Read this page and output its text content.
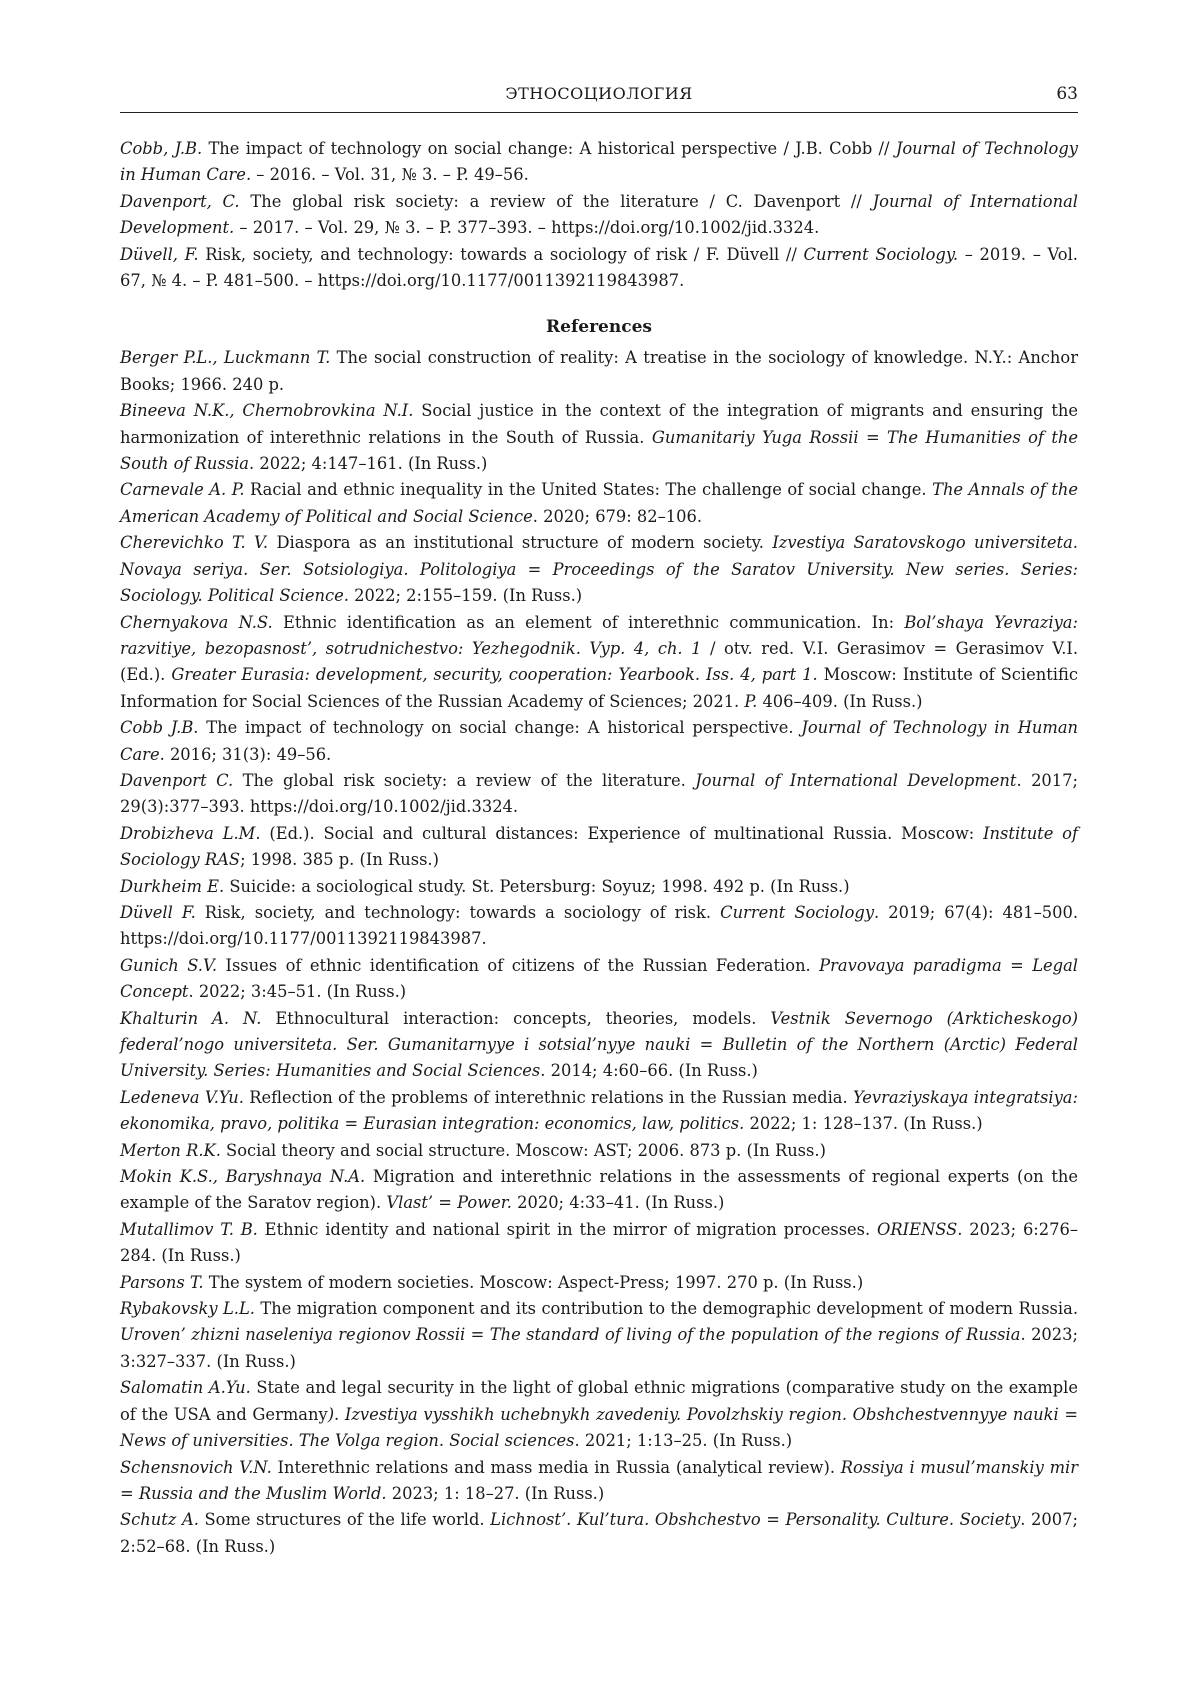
ЭТНОСОЦИОЛОГИЯ	63

Cobb, J.B. The impact of technology on social change: A historical perspective / J.B. Cobb // Journal of Technology in Human Care. – 2016. – Vol. 31, № 3. – P. 49–56.

Davenport, C. The global risk society: a review of the literature / C. Davenport // Journal of International Development. – 2017. – Vol. 29, № 3. – P. 377–393. – https://doi.org/10.1002/jid.3324.

Düvell, F. Risk, society, and technology: towards a sociology of risk / F. Düvell // Current Sociology. – 2019. – Vol. 67, № 4. – P. 481–500. – https://doi.org/10.1177/0011392119843987.

References

Berger P.L., Luckmann T. The social construction of reality: A treatise in the sociology of knowledge. N.Y.: Anchor Books; 1966. 240 p.

Bineeva N.K., Chernobrovkina N.I. Social justice in the context of the integration of migrants and ensuring the harmonization of interethnic relations in the South of Russia. Gumanitariy Yuga Rossii = The Humanities of the South of Russia. 2022; 4:147–161. (In Russ.)

Carnevale A. P. Racial and ethnic inequality in the United States: The challenge of social change. The Annals of the American Academy of Political and Social Science. 2020; 679: 82–106.

Cherevichko T. V. Diaspora as an institutional structure of modern society. Izvestiya Saratovskogo universiteta. Novaya seriya. Ser. Sotsiologiya. Politologiya = Proceedings of the Saratov University. New series. Series: Sociology. Political Science. 2022; 2:155–159. (In Russ.)

Chernyakova N.S. Ethnic identification as an element of interethnic communication. In: Bol’shaya Yevraziya: razvitiye, bezopasnost’, sotrudnichestvo: Yezhegodnik. Vyp. 4, ch. 1 / otv. red. V.I. Gerasimov = Gerasimov V.I. (Ed.). Greater Eurasia: development, security, cooperation: Yearbook. Iss. 4, part 1. Moscow: Institute of Scientific Information for Social Sciences of the Russian Academy of Sciences; 2021. P. 406–409. (In Russ.)

Cobb J.B. The impact of technology on social change: A historical perspective. Journal of Technology in Human Care. 2016; 31(3): 49–56.

Davenport C. The global risk society: a review of the literature. Journal of International Development. 2017; 29(3):377–393. https://doi.org/10.1002/jid.3324.

Drobizheva L.M. (Ed.). Social and cultural distances: Experience of multinational Russia. Moscow: Institute of Sociology RAS; 1998. 385 p. (In Russ.)

Durkheim E. Suicide: a sociological study. St. Petersburg: Soyuz; 1998. 492 p. (In Russ.)

Düvell F. Risk, society, and technology: towards a sociology of risk. Current Sociology. 2019; 67(4): 481–500. https://doi.org/10.1177/0011392119843987.

Gunich S.V. Issues of ethnic identification of citizens of the Russian Federation. Pravovaya paradigma = Legal Concept. 2022; 3:45–51. (In Russ.)

Khalturin A. N. Ethnocultural interaction: concepts, theories, models. Vestnik Severnogo (Arkticheskogo) federal’nogo universiteta. Ser. Gumanitarnyye i sotsial’nyye nauki = Bulletin of the Northern (Arctic) Federal University. Series: Humanities and Social Sciences. 2014; 4:60–66. (In Russ.)

Ledeneva V.Yu. Reflection of the problems of interethnic relations in the Russian media. Yevraziyskaya integratsiya: ekonomika, pravo, politika = Eurasian integration: economics, law, politics. 2022; 1: 128–137. (In Russ.)

Merton R.K. Social theory and social structure. Moscow: AST; 2006. 873 p. (In Russ.)

Mokin K.S., Baryshnaya N.A. Migration and interethnic relations in the assessments of regional experts (on the example of the Saratov region). Vlast’ = Power. 2020; 4:33–41. (In Russ.)

Mutallimov T. B. Ethnic identity and national spirit in the mirror of migration processes. ORIENSS. 2023; 6:276–284. (In Russ.)

Parsons T. The system of modern societies. Moscow: Aspect-Press; 1997. 270 p. (In Russ.)

Rybakovsky L.L. The migration component and its contribution to the demographic development of modern Russia. Uroven’ zhizni naseleniya regionov Rossii = The standard of living of the population of the regions of Russia. 2023; 3:327–337. (In Russ.)

Salomatin A.Yu. State and legal security in the light of global ethnic migrations (comparative study on the example of the USA and Germany). Izvestiya vysshikh uchebnykh zavedeniy. Povolzhskiy region. Obshchestvennyye nauki = News of universities. The Volga region. Social sciences. 2021; 1:13–25. (In Russ.)

Schensnovich V.N. Interethnic relations and mass media in Russia (analytical review). Rossiya i musul’manskiy mir = Russia and the Muslim World. 2023; 1: 18–27. (In Russ.)

Schutz A. Some structures of the life world. Lichnost’. Kul’tura. Obshchestvo = Personality. Culture. Society. 2007; 2:52–68. (In Russ.)
